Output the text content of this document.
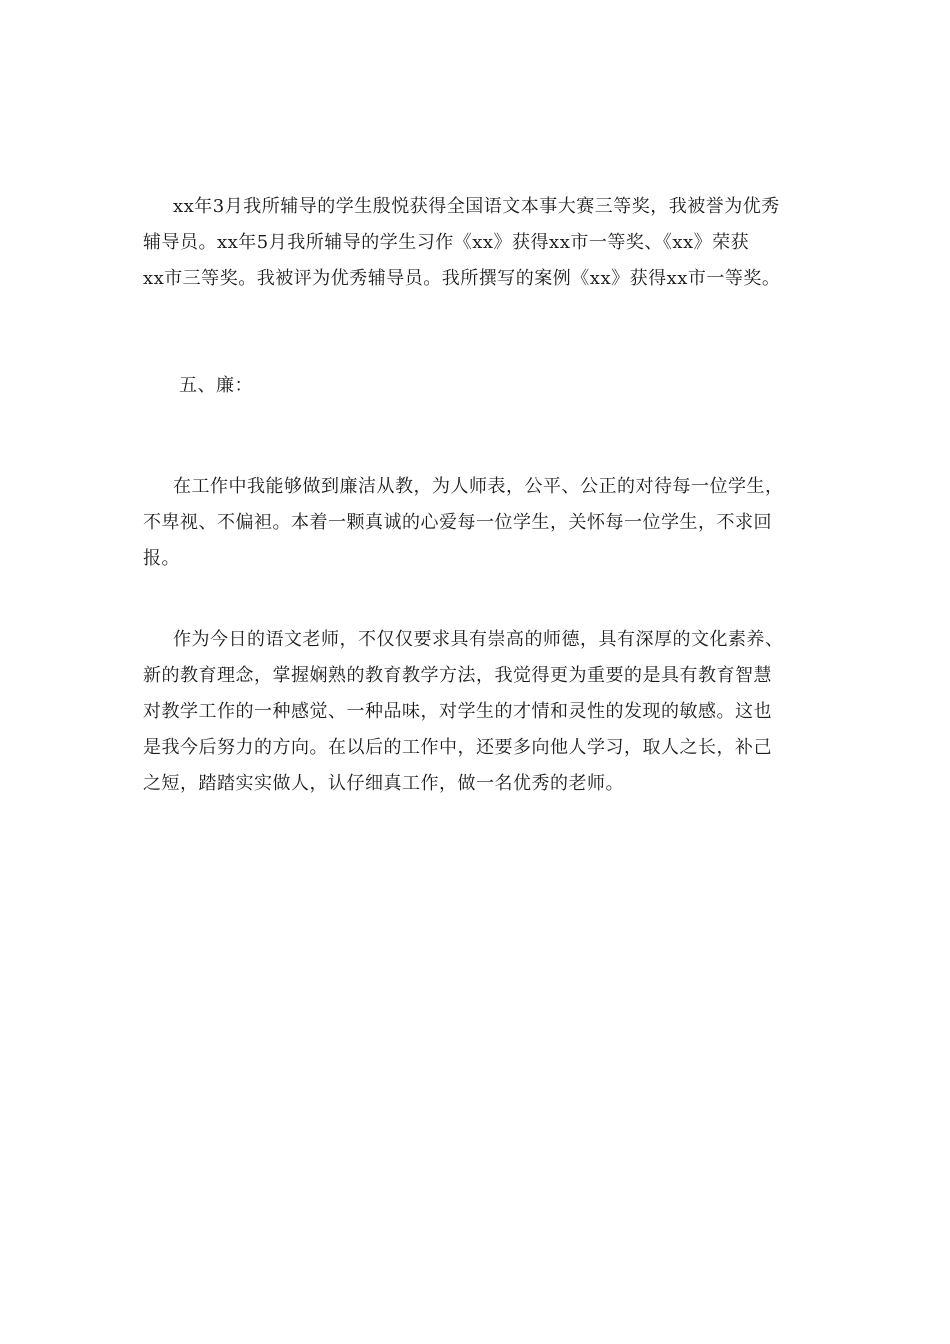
xx年3月我所辅导的学生殷悦获得全国语文本事大赛三等奖，我被誉为优秀
辅导员。xx年5月我所辅导的学生习作《xx》获得xx市一等奖、《xx》荣获
xx市三等奖。我被评为优秀辅导员。我所撰写的案例《xx》获得xx市一等奖。
五、廉：
在工作中我能够做到廉洁从教，为人师表，公平、公正的对待每一位学生，
不卑视、不偏袒。本着一颗真诚的心爱每一位学生，关怀每一位学生，不求回
报。
作为今日的语文老师，不仅仅要求具有崇高的师德，具有深厚的文化素养、
新的教育理念，掌握娴熟的教育教学方法，我觉得更为重要的是具有教育智慧
对教学工作的一种感觉、一种品味，对学生的才情和灵性的发现的敏感。这也
是我今后努力的方向。在以后的工作中，还要多向他人学习，取人之长，补己
之短，踏踏实实做人，认仔细真工作，做一名优秀的老师。
